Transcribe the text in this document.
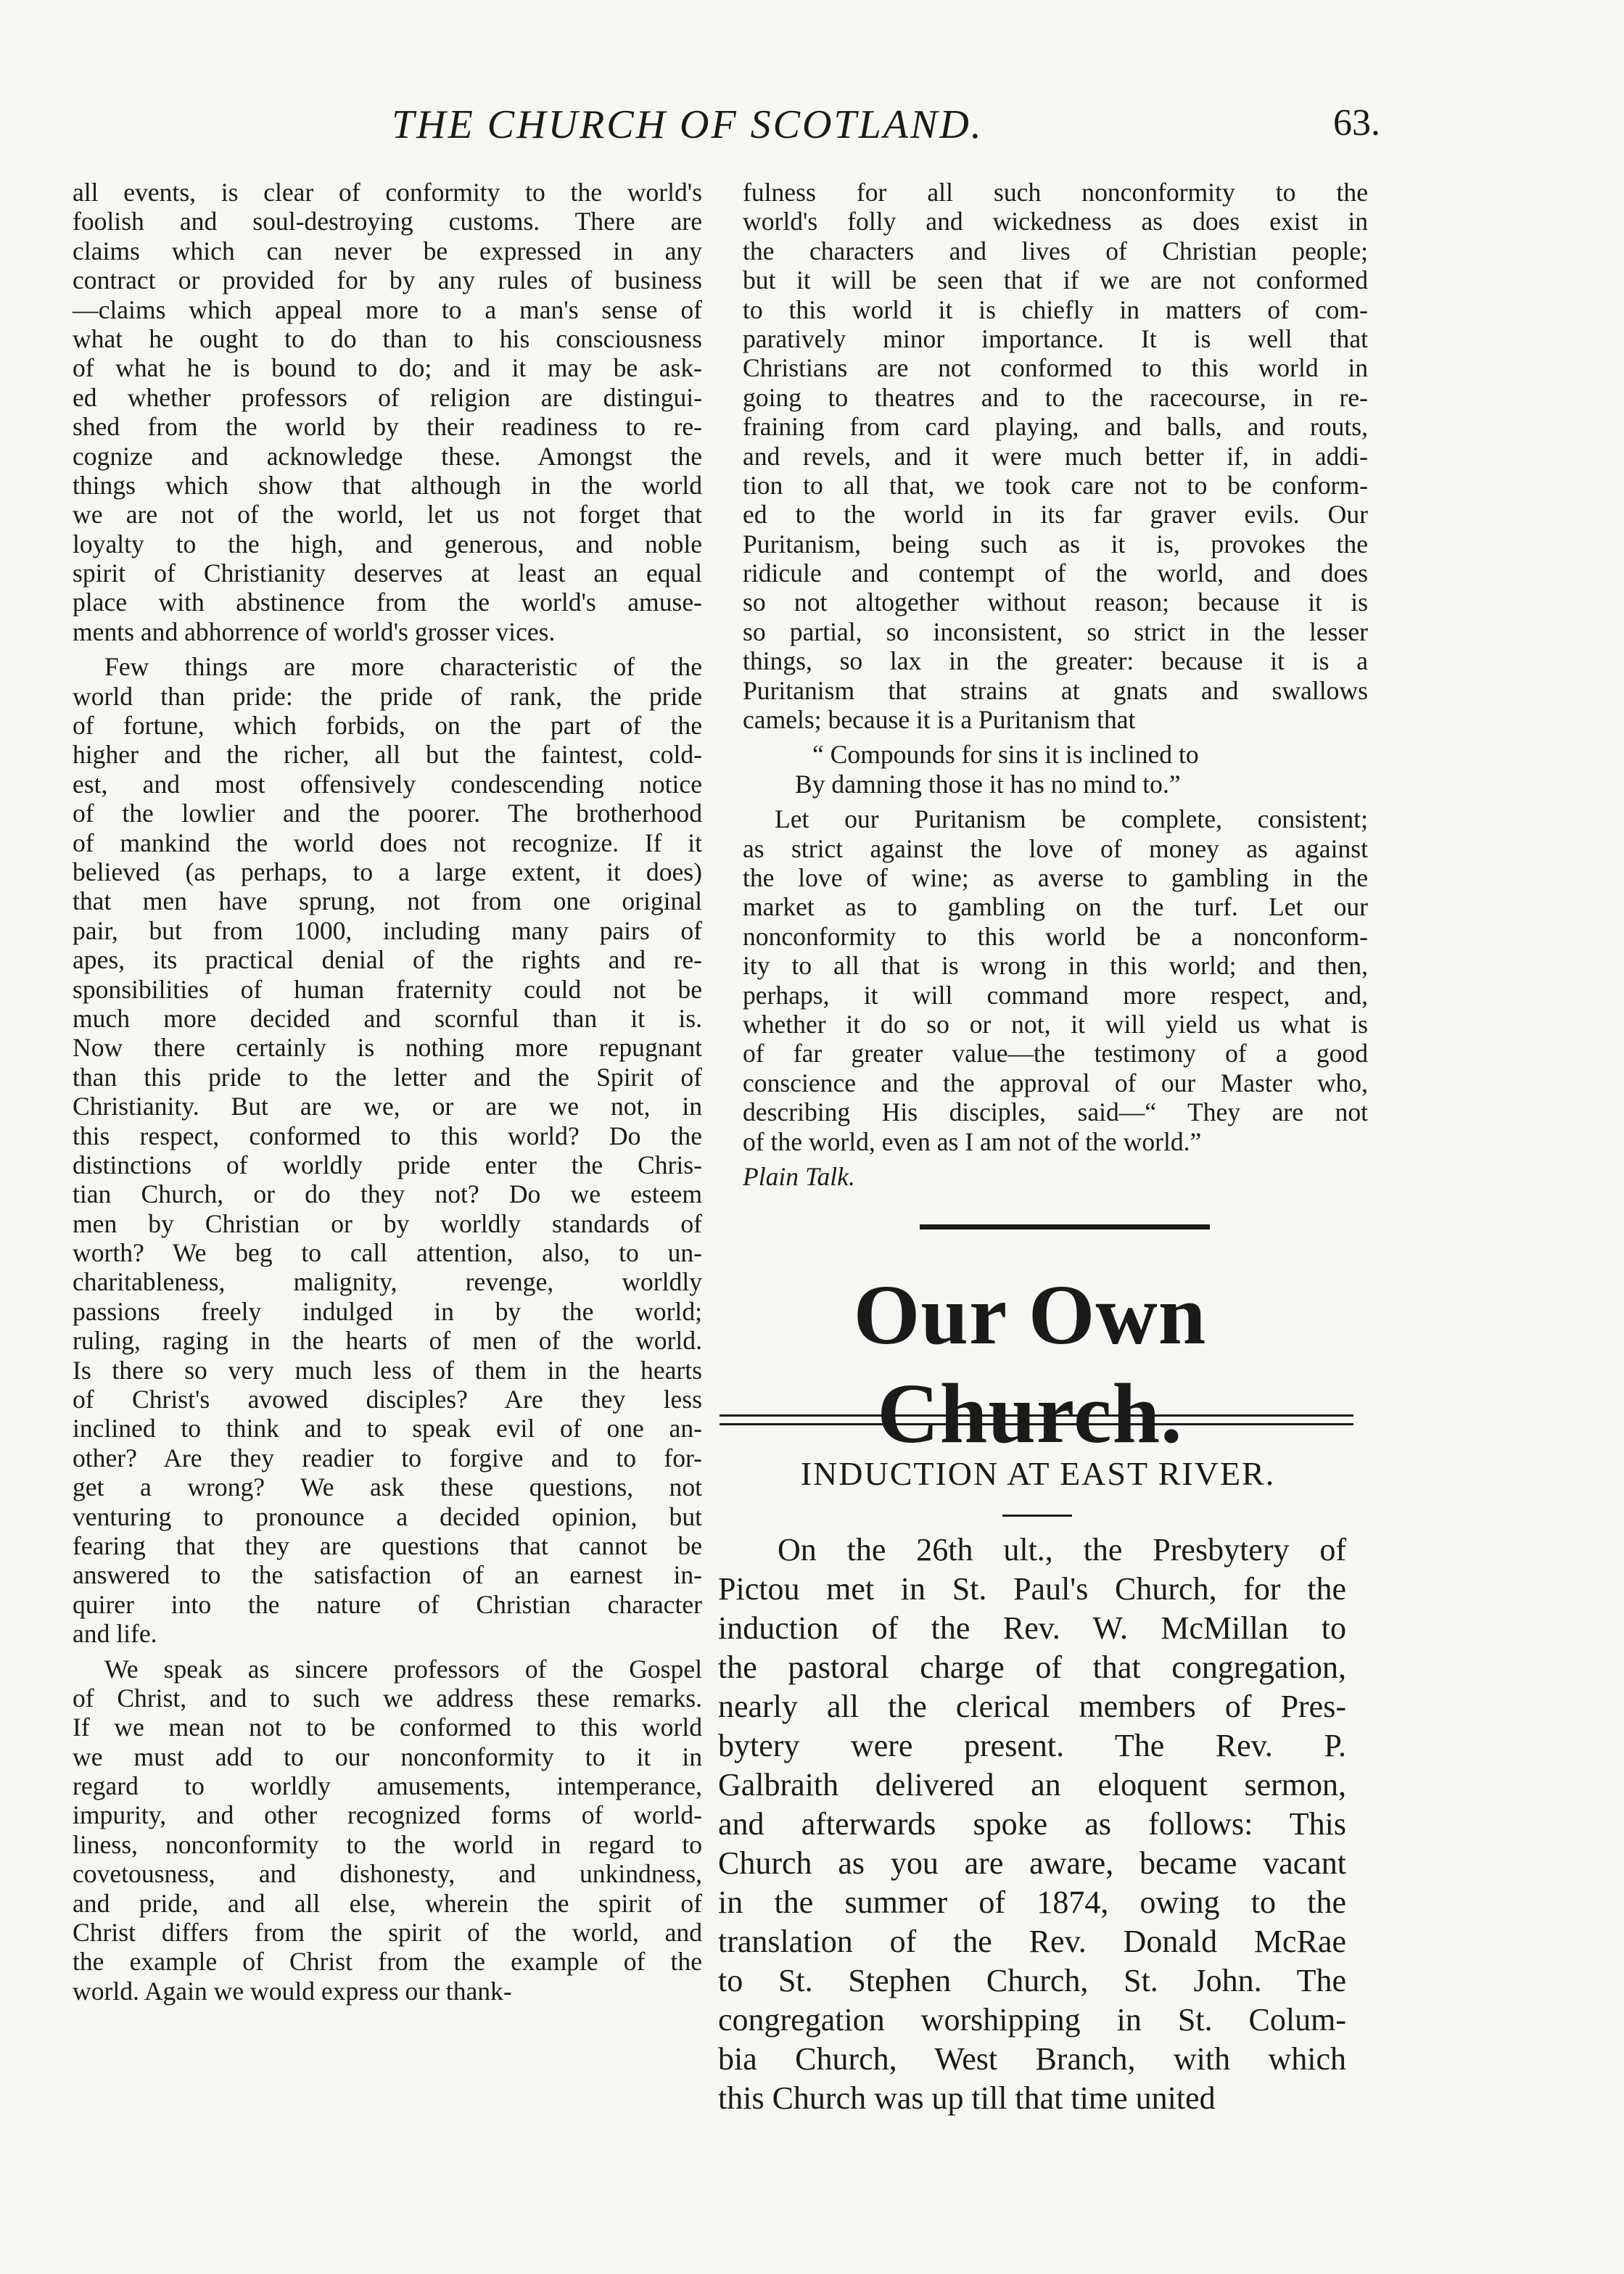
THE CHURCH OF SCOTLAND.	63.
all events, is clear of conformity to the world's
foolish and soul-destroying customs. There are
claims which can never be expressed in any
contract or provided for by any rules of business
—claims which appeal more to a man's sense of
what he ought to do than to his consciousness
of what he is bound to do; and it may be ask-
ed whether professors of religion are distingui-
shed from the world by their readiness to re-
cognize and acknowledge these. Amongst the
things which show that although in the world
we are not of the world, let us not forget that
loyalty to the high, and generous, and noble
spirit of Christianity deserves at least an equal
place with abstinence from the world's amuse-
ments and abhorrence of world's grosser vices.
Few things are more characteristic of the
world than pride: the pride of rank, the pride
of fortune, which forbids, on the part of the
higher and the richer, all but the faintest, cold-
est, and most offensively condescending notice
of the lowlier and the poorer. The brotherhood
of mankind the world does not recognize. If it
believed (as perhaps, to a large extent, it does)
that men have sprung, not from one original
pair, but from 1000, including many pairs of
apes, its practical denial of the rights and re-
sponsibilities of human fraternity could not be
much more decided and scornful than it is.
Now there certainly is nothing more repugnant
than this pride to the letter and the Spirit of
Christianity. But are we, or are we not, in
this respect, conformed to this world? Do the
distinctions of worldly pride enter the Chris-
tian Church, or do they not? Do we esteem
men by Christian or by worldly standards of
worth? We beg to call attention, also, to un-
charitableness, malignity, revenge, worldly
passions freely indulged in by the world;
ruling, raging in the hearts of men of the world.
Is there so very much less of them in the hearts
of Christ's avowed disciples? Are they less
inclined to think and to speak evil of one an-
other? Are they readier to forgive and to for-
get a wrong? We ask these questions, not
venturing to pronounce a decided opinion, but
fearing that they are questions that cannot be
answered to the satisfaction of an earnest in-
quirer into the nature of Christian character
and life.
We speak as sincere professors of the Gospel
of Christ, and to such we address these remarks.
If we mean not to be conformed to this world
we must add to our nonconformity to it in
regard to worldly amusements, intemperance,
impurity, and other recognized forms of world-
liness, nonconformity to the world in regard to
covetousness, and dishonesty, and unkindness,
and pride, and all else, wherein the spirit of
Christ differs from the spirit of the world, and
the example of Christ from the example of the
world. Again we would express our thank-
fulness for all such nonconformity to the
world's folly and wickedness as does exist in
the characters and lives of Christian people;
but it will be seen that if we are not conformed
to this world it is chiefly in matters of com-
paratively minor importance. It is well that
Christians are not conformed to this world in
going to theatres and to the racecourse, in re-
fraining from card playing, and balls, and routs,
and revels, and it were much better if, in addi-
tion to all that, we took care not to be conform-
ed to the world in its far graver evils. Our
Puritanism, being such as it is, provokes the
ridicule and contempt of the world, and does
so not altogether without reason; because it is
so partial, so inconsistent, so strict in the lesser
things, so lax in the greater: because it is a
Puritanism that strains at gnats and swallows
camels; because it is a Puritanism that
“ Compounds for sins it is inclined to
By damning those it has no mind to.”
Let our Puritanism be complete, consistent;
as strict against the love of money as against
the love of wine; as averse to gambling in the
market as to gambling on the turf. Let our
nonconformity to this world be a nonconform-
ity to all that is wrong in this world; and then,
perhaps, it will command more respect, and,
whether it do so or not, it will yield us what is
of far greater value—the testimony of a good
conscience and the approval of our Master who,
describing His disciples, said—“ They are not
of the world, even as I am not of the world.”
Plain Talk.
Our Own Church.
INDUCTION AT EAST RIVER.
On the 26th ult., the Presbytery of
Pictou met in St. Paul's Church, for the
induction of the Rev. W. McMillan to
the pastoral charge of that congregation,
nearly all the clerical members of Pres-
bytery were present. The Rev. P.
Galbraith delivered an eloquent sermon,
and afterwards spoke as follows: This
Church as you are aware, became vacant
in the summer of 1874, owing to the
translation of the Rev. Donald McRae
to St. Stephen Church, St. John. The
congregation worshipping in St. Colum-
bia Church, West Branch, with which
this Church was up till that time united
